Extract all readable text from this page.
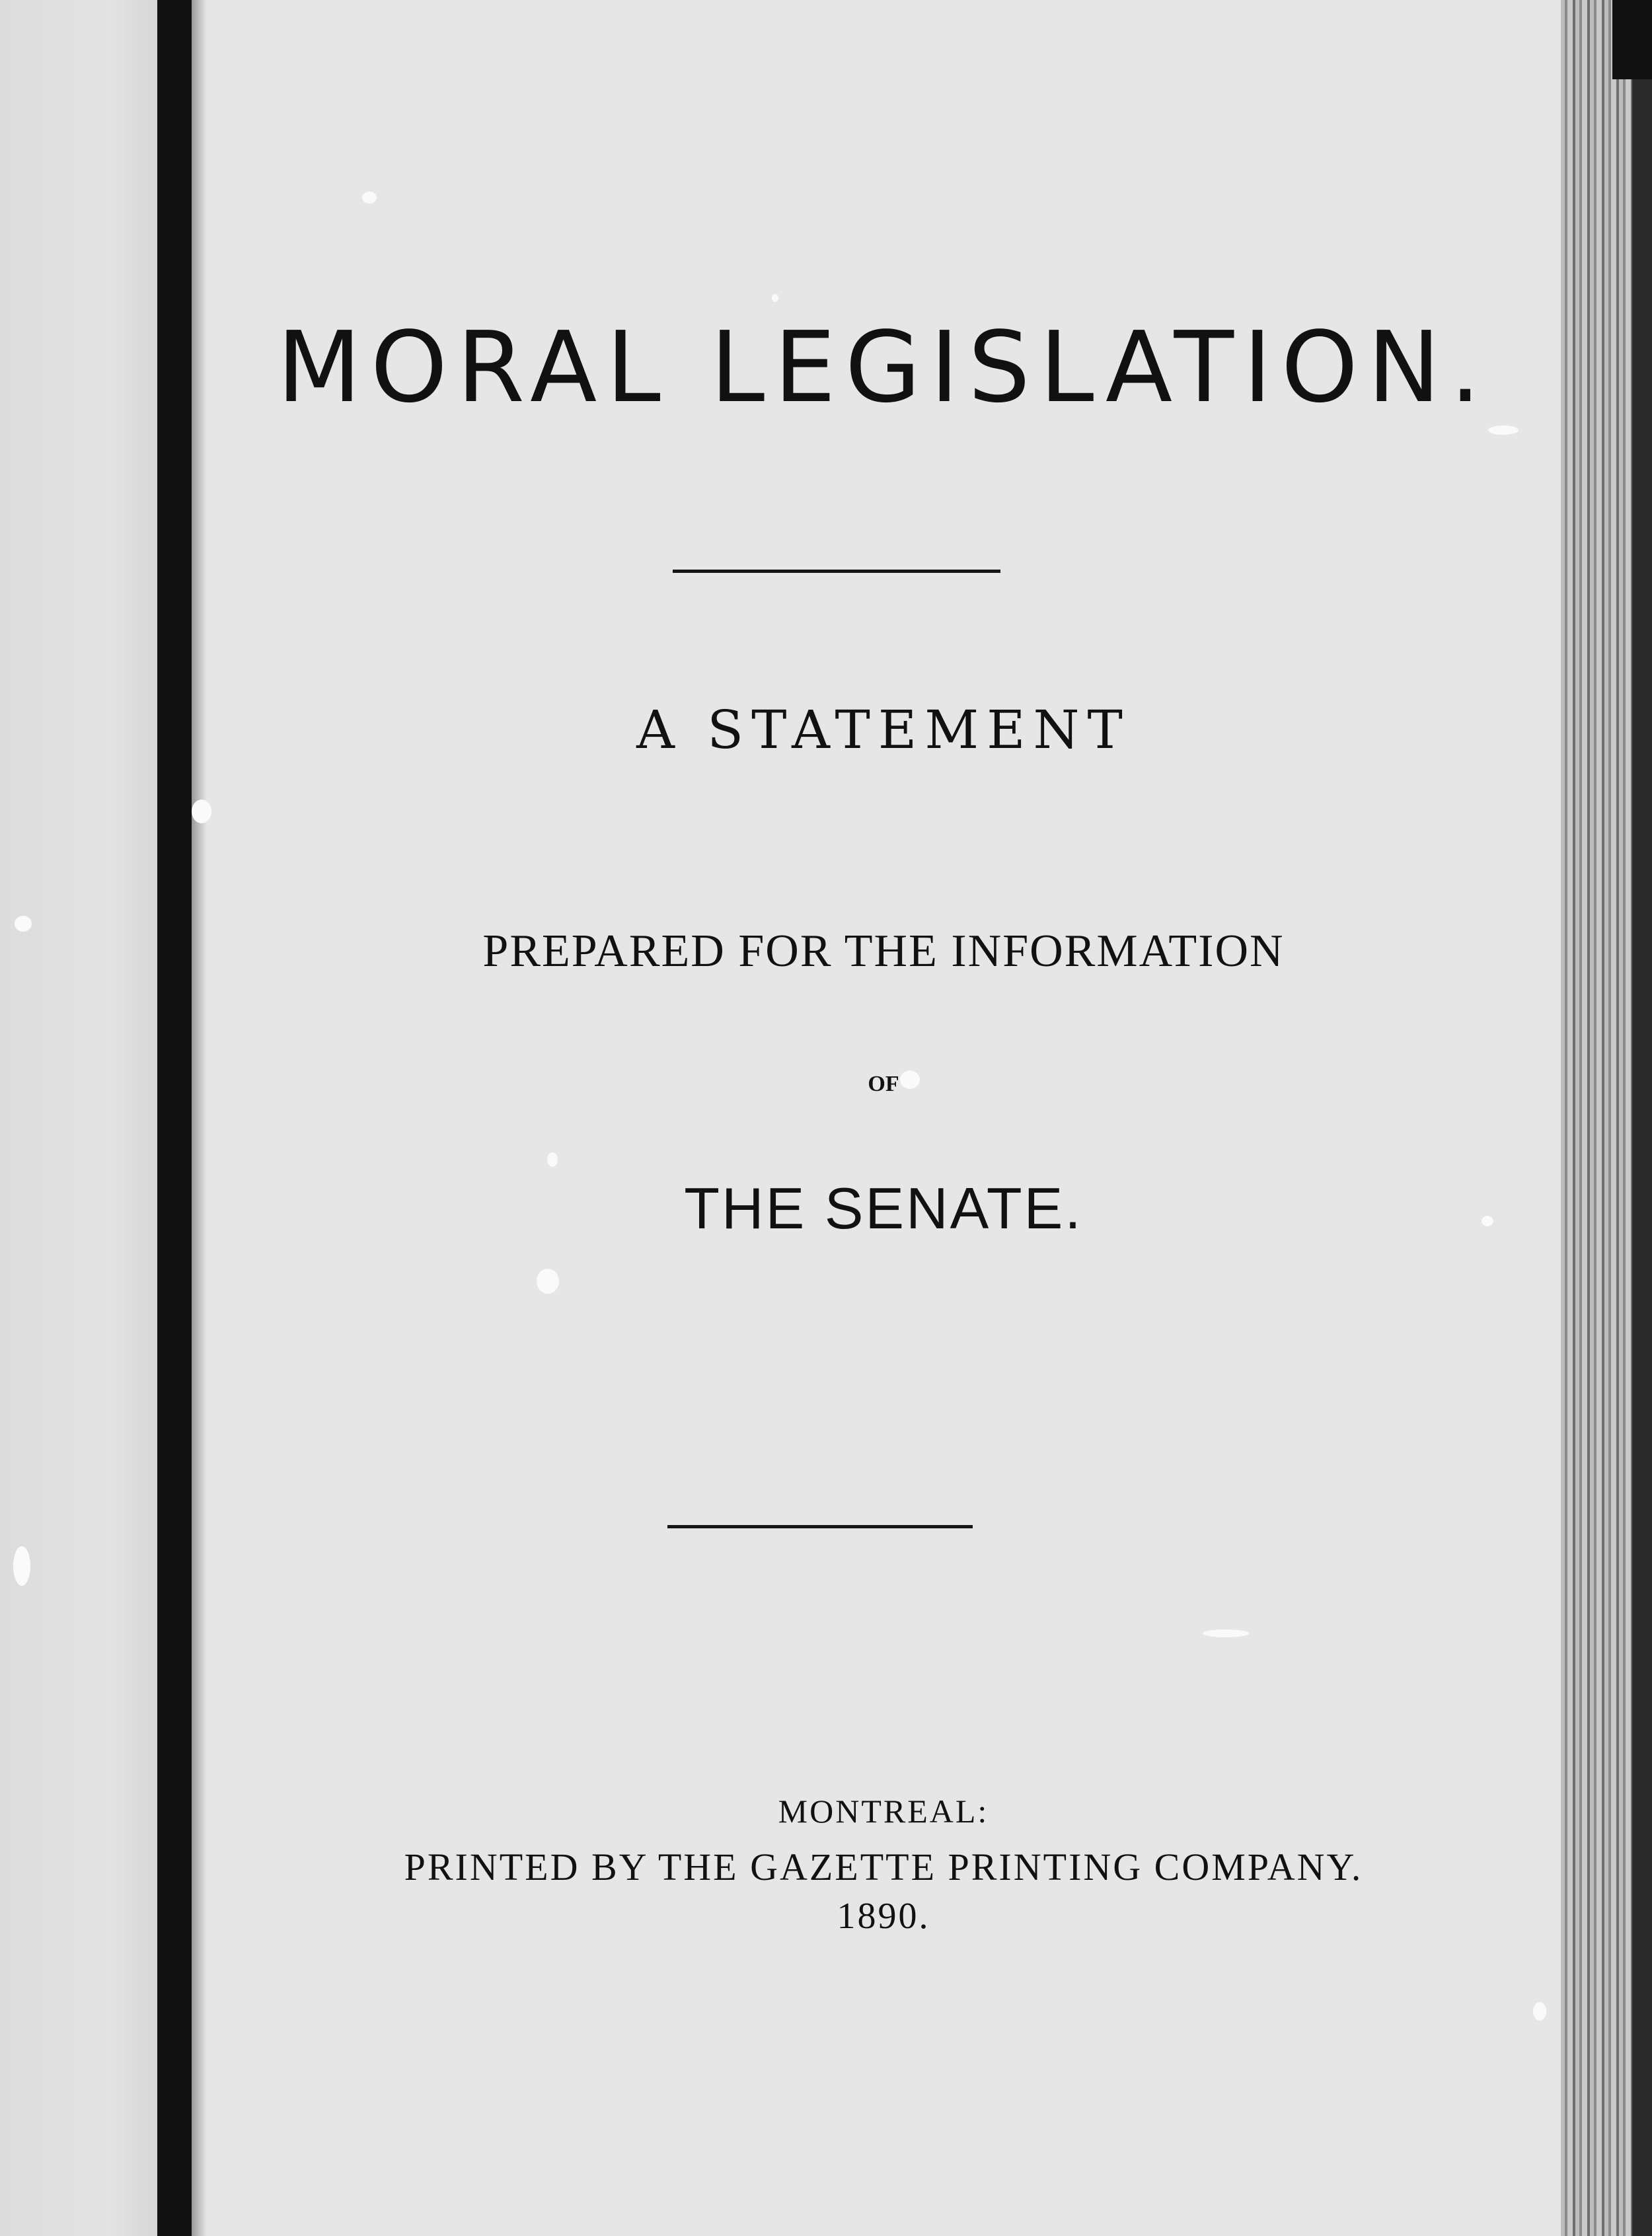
MORAL LEGISLATION.
A STATEMENT
PREPARED FOR THE INFORMATION
OF
THE SENATE.
MONTREAL:
PRINTED BY THE GAZETTE PRINTING COMPANY.
1890.
